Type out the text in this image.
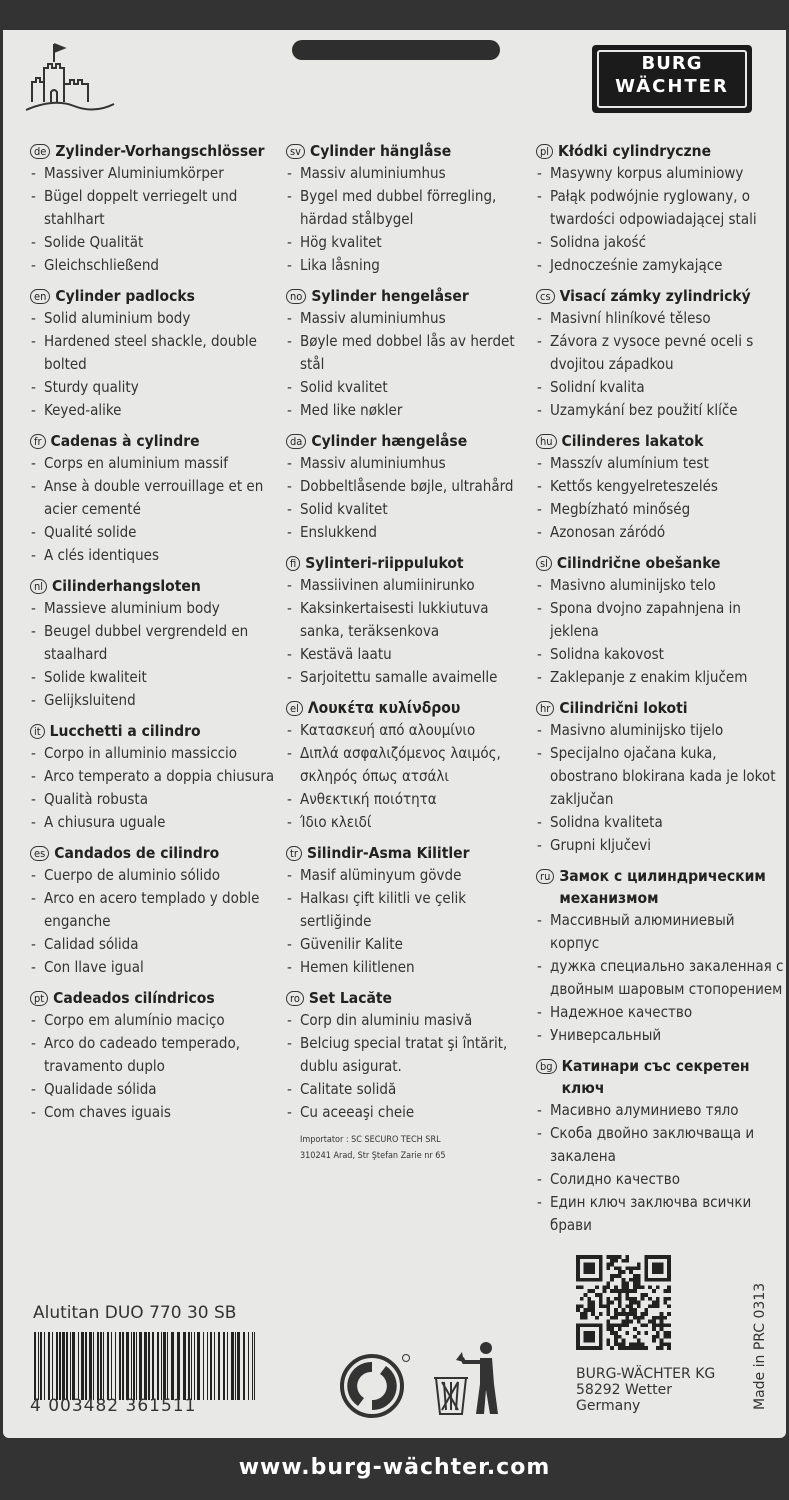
BURG
WÄCHTER
de Zylinder-Vorhangschlösser
- Massiver Aluminiumkörper
- Bügel doppelt verriegelt und stahlhart
- Solide Qualität
- Gleichschließend
en Cylinder padlocks
- Solid aluminium body
- Hardened steel shackle, double bolted
- Sturdy quality
- Keyed-alike
fr Cadenas à cylindre
- Corps en aluminium massif
- Anse à double verrouillage et en acier cementé
- Qualité solide
- A clés identiques
nl Cilinderhangsloten
- Massieve aluminium body
- Beugel dubbel vergrendeld en staalhard
- Solide kwaliteit
- Gelijksluitend
it Lucchetti a cilindro
- Corpo in alluminio massiccio
- Arco temperato a doppia chiusura
- Qualità robusta
- A chiusura uguale
es Candados de cilindro
- Cuerpo de aluminio sólido
- Arco en acero templado y doble enganche
- Calidad sólida
- Con llave igual
pt Cadeados cilíndricos
- Corpo em alumínio maciço
- Arco do cadeado temperado, travamento duplo
- Qualidade sólida
- Com chaves iguais
sv Cylinder hänglåse
- Massiv aluminiumhus
- Bygel med dubbel förregling, härdad stålbygel
- Hög kvalitet
- Lika låsning
no Sylinder hengelåser
- Massiv aluminiumhus
- Bøyle med dobbel lås av herdet stål
- Solid kvalitet
- Med like nøkler
da Cylinder hængelåse
- Massiv aluminiumhus
- Dobbeltlåsende bøjle, ultrahård
- Solid kvalitet
- Enslukkend
fi Sylinteri-riippulukot
- Massiivinen alumiinirunko
- Kaksinkertaisesti lukkiutuva sanka, teräksenkova
- Kestävä laatu
- Sarjoitettu samalle avaimelle
el Λουκέτα κυλίνδρου
- Κατασκευή από αλουμίνιο
- Διπλά ασφαλιζόμενος λαιμός, σκληρός όπως ατσάλι
- Ανθεκτική ποιότητα
- Ίδιο κλειδί
tr Silindir-Asma Kilitler
- Masif alüminyum gövde
- Halkası çift kilitli ve çelik sertliğinde
- Güvenilir Kalite
- Hemen kilitlenen
ro Set Lacăte
- Corp din aluminiu masivă
- Belciug special tratat şi întărit, dublu asigurat.
- Calitate solidă
- Cu aceeaşi cheie
Importator : SC SECURO TECH SRL
310241 Arad, Str Ştefan Zarie nr 65
pl Kłódki cylindryczne
- Masywny korpus aluminiowy
- Pałąk podwójnie ryglowany, o twardości odpowiadającej stali
- Solidna jakość
- Jednocześnie zamykające
cs Visací zámky zylindrický
- Masivní hliníkové těleso
- Závora z vysoce pevné oceli s dvojitou západkou
- Solidní kvalita
- Uzamykání bez použití klíče
hu Cilinderes lakatok
- Masszív alumínium test
- Kettős kengyelreteszelés
- Megbízható minőség
- Azonosan záródó
sl Cilindrične obešanke
- Masivno aluminijsko telo
- Spona dvojno zapahnjena in jeklena
- Solidna kakovost
- Zaklepanje z enakim ključem
hr Cilindrični lokoti
- Masivno aluminijsko tijelo
- Specijalno ojačana kuka, obostrano blokirana kada je lokot zaključan
- Solidna kvaliteta
- Grupni ključevi
ru Замок с цилиндрическим механизмом
- Массивный алюминиевый корпус
- дужка специально закаленная с двойным шаровым стопорением
- Надежное качество
- Универсальный
bg Катинари със секретен ключ
- Масивно алуминиево тяло
- Скоба двойно заключваща и закалена
- Солидно качество
- Един ключ заключва всички брави
Alutitan DUO 770 30 SB
4 003482 361511
BURG-WÄCHTER KG
58292 Wetter
Germany	Made in PRC 0313
www.burg-wächter.com
